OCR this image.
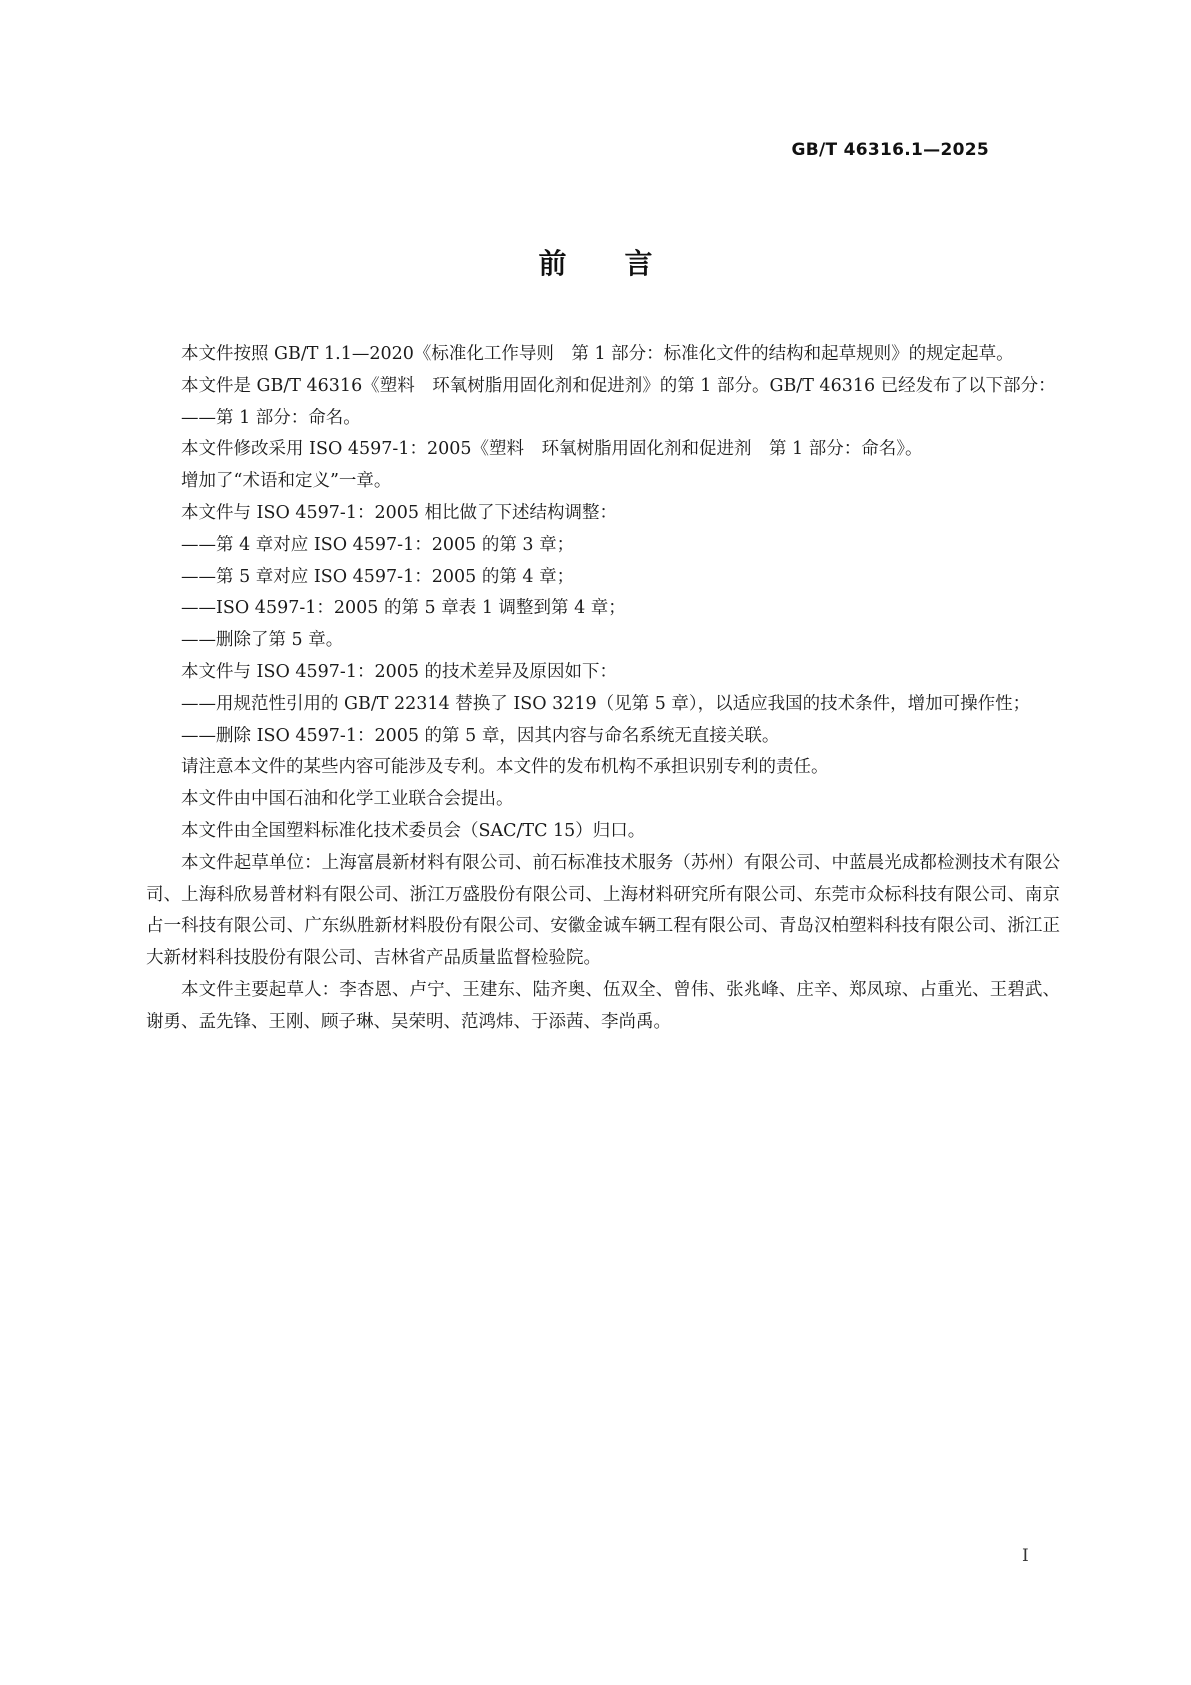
GB/T 46316.1—2025
前言

本文件按照 GB/T 1.1—2020《标准化工作导则　第 1 部分：标准化文件的结构和起草规则》的规定起草。

本文件是 GB/T 46316《塑料　环氧树脂用固化剂和促进剂》的第 1 部分。GB/T 46316 已经发布了以下部分：

——第 1 部分：命名。

本文件修改采用 ISO 4597-1：2005《塑料　环氧树脂用固化剂和促进剂　第 1 部分：命名》。

增加了“术语和定义”一章。

本文件与 ISO 4597-1：2005 相比做了下述结构调整：

——第 4 章对应 ISO 4597-1：2005 的第 3 章；

——第 5 章对应 ISO 4597-1：2005 的第 4 章；

——ISO 4597-1：2005 的第 5 章表 1 调整到第 4 章；

——删除了第 5 章。

本文件与 ISO 4597-1：2005 的技术差异及原因如下：

——用规范性引用的 GB/T 22314 替换了 ISO 3219（见第 5 章），以适应我国的技术条件，增加可操作性；

——删除 ISO 4597-1：2005 的第 5 章，因其内容与命名系统无直接关联。

请注意本文件的某些内容可能涉及专利。本文件的发布机构不承担识别专利的责任。

本文件由中国石油和化学工业联合会提出。

本文件由全国塑料标准化技术委员会（SAC/TC 15）归口。

本文件起草单位：上海富晨新材料有限公司、前石标准技术服务（苏州）有限公司、中蓝晨光成都检测技术有限公司、上海科欣易普材料有限公司、浙江万盛股份有限公司、上海材料研究所有限公司、东莞市众标科技有限公司、南京占一科技有限公司、广东纵胜新材料股份有限公司、安徽金诚车辆工程有限公司、青岛汉柏塑料科技有限公司、浙江正大新材料科技股份有限公司、吉林省产品质量监督检验院。

本文件主要起草人：李杏恩、卢宁、王建东、陆齐奥、伍双全、曾伟、张兆峰、庄辛、郑凤琼、占重光、王碧武、谢勇、孟先锋、王刚、顾子琳、吴荣明、范鸿炜、于添茜、李尚禹。

I
